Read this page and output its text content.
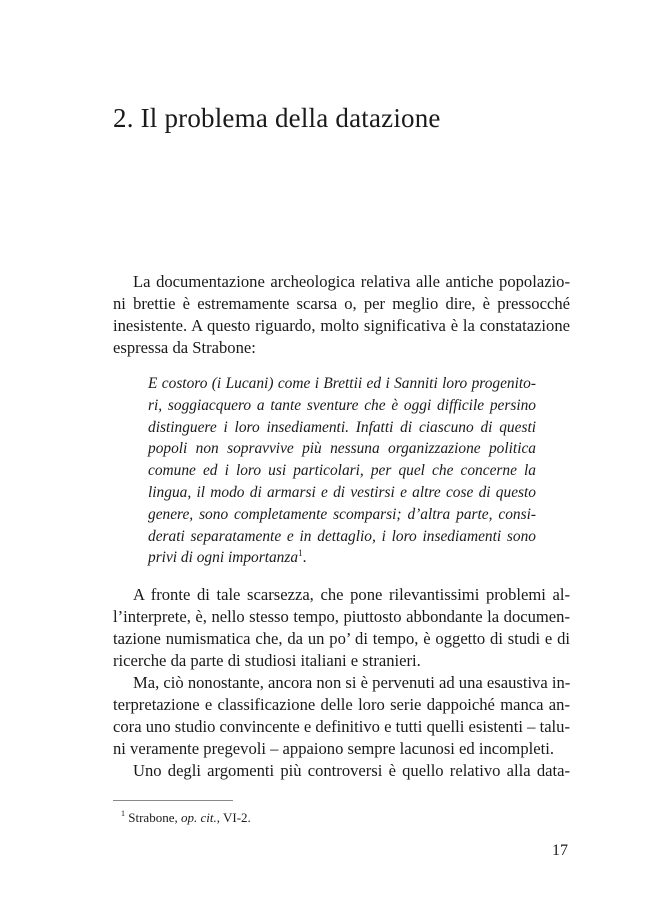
2. Il problema della datazione
La documentazione archeologica relativa alle antiche popolazio-
ni brettie è estremamente scarsa o, per meglio dire, è pressocché
inesistente. A questo riguardo, molto significativa è la constatazione
espressa da Strabone:
E costoro (i Lucani) come i Brettii ed i Sanniti loro progenito-
ri, soggiacquero a tante sventure che è oggi difficile persino
distinguere i loro insediamenti. Infatti di ciascuno di questi
popoli non sopravvive più nessuna organizzazione politica
comune ed i loro usi particolari, per quel che concerne la
lingua, il modo di armarsi e di vestirsi e altre cose di questo
genere, sono completamente scomparsi; d’altra parte, consi-
derati separatamente e in dettaglio, i loro insediamenti sono
privi di ogni importanza$^1$.
A fronte di tale scarsezza, che pone rilevantissimi problemi al-
l’interprete, è, nello stesso tempo, piuttosto abbondante la documen-
tazione numismatica che, da un po’ di tempo, è oggetto di studi e di
ricerche da parte di studiosi italiani e stranieri.
Ma, ciò nonostante, ancora non si è pervenuti ad una esaustiva in-
terpretazione e classificazione delle loro serie dappoiché manca an-
cora uno studio convincente e definitivo e tutti quelli esistenti – talu-
ni veramente pregevoli – appaiono sempre lacunosi ed incompleti.
Uno degli argomenti più controversi è quello relativo alla data-
$^1$ Strabone, op. cit., VI-2.
17
